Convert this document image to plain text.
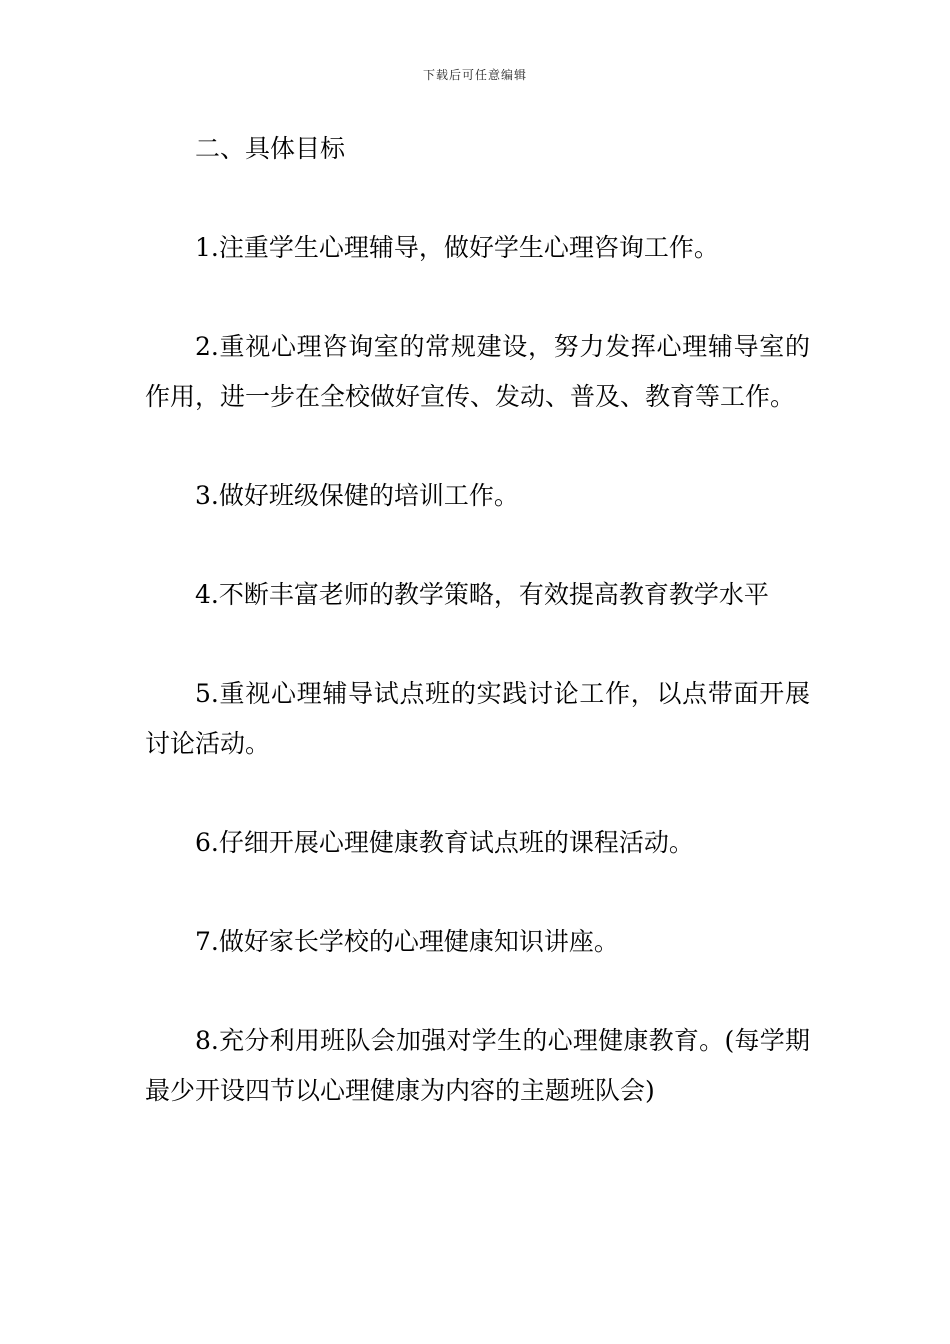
下载后可任意编辑

二、具体目标

1.注重学生心理辅导，做好学生心理咨询工作。

2.重视心理咨询室的常规建设，努力发挥心理辅导室的作用，进一步在全校做好宣传、发动、普及、教育等工作。

3.做好班级保健的培训工作。

4.不断丰富老师的教学策略，有效提高教育教学水平

5.重视心理辅导试点班的实践讨论工作，以点带面开展讨论活动。

6.仔细开展心理健康教育试点班的课程活动。

7.做好家长学校的心理健康知识讲座。

8.充分利用班队会加强对学生的心理健康教育。(每学期最少开设四节以心理健康为内容的主题班队会)
